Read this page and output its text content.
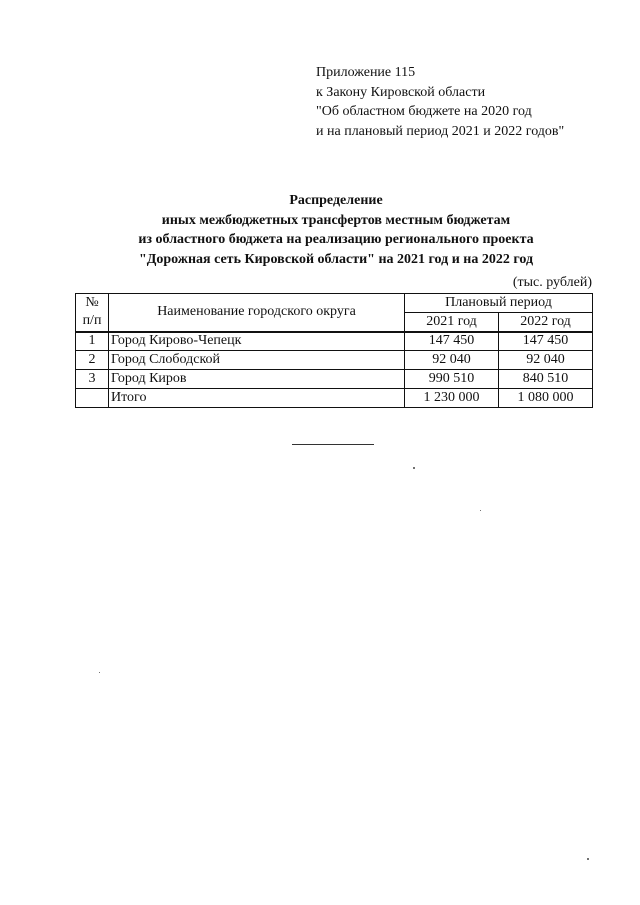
Приложение 115
к Закону Кировской области
"Об областном бюджете на 2020 год
и на плановый период 2021 и 2022 годов"
Распределение
иных межбюджетных трансфертов местным бюджетам
из областного бюджета на реализацию регионального проекта
"Дорожная сеть Кировской области" на 2021 год и на 2022 год
(тыс. рублей)
№
п/п	Наименование городского округа	Плановый период	
		2021 год	2022 год
1	Город Кирово-Чепецк	147 450	147 450
2	Город Слободской	92 040	92 040
3	Город Киров	990 510	840 510
	Итого	1 230 000	1 080 000
